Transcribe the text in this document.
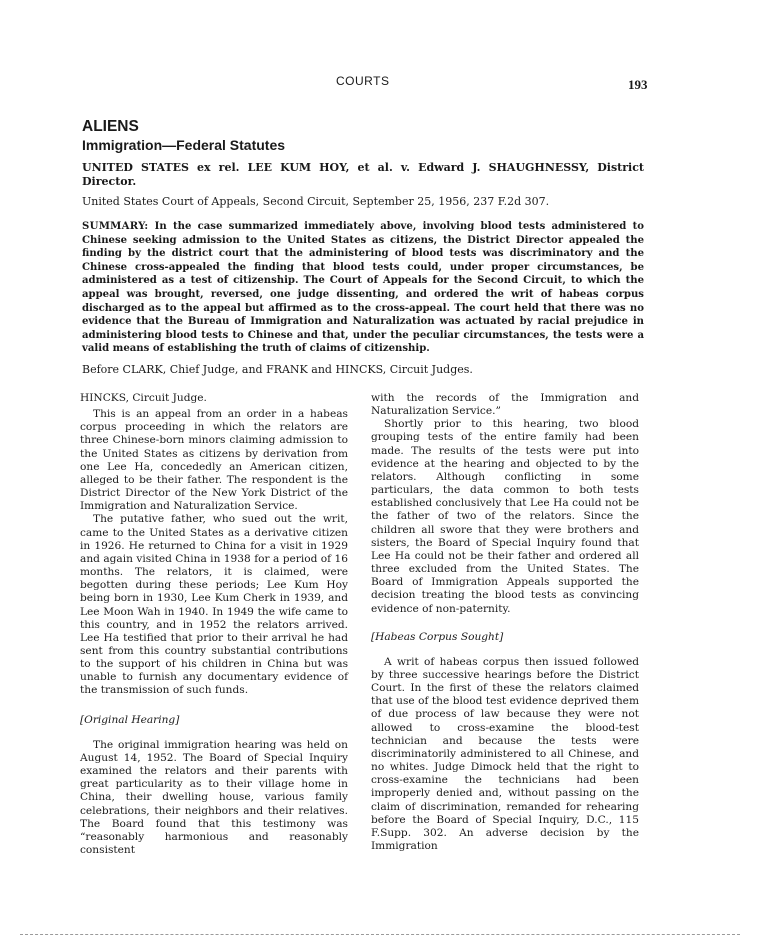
COURTS	193
ALIENS
Immigration—Federal Statutes
UNITED STATES ex rel. LEE KUM HOY, et al. v. Edward J. SHAUGHNESSY, District Director.
United States Court of Appeals, Second Circuit, September 25, 1956, 237 F.2d 307.

SUMMARY: In the case summarized immediately above, involving blood tests administered to Chinese seeking admission to the United States as citizens, the District Director appealed the finding by the district court that the administering of blood tests was discriminatory and the Chinese cross-appealed the finding that blood tests could, under proper circumstances, be administered as a test of citizenship. The Court of Appeals for the Second Circuit, to which the appeal was brought, reversed, one judge dissenting, and ordered the writ of habeas corpus discharged as to the appeal but affirmed as to the cross-appeal. The court held that there was no evidence that the Bureau of Immigration and Naturalization was actuated by racial prejudice in administering blood tests to Chinese and that, under the peculiar circumstances, the tests were a valid means of establishing the truth of claims of citizenship.

Before CLARK, Chief Judge, and FRANK and HINCKS, Circuit Judges.

HINCKS, Circuit Judge.

This is an appeal from an order in a habeas corpus proceeding in which the relators are three Chinese-born minors claiming admission to the United States as citizens by derivation from one Lee Ha, concededly an American citizen, alleged to be their father. The respondent is the District Director of the New York District of the Immigration and Naturalization Service.

The putative father, who sued out the writ, came to the United States as a derivative citizen in 1926. He returned to China for a visit in 1929 and again visited China in 1938 for a period of 16 months. The relators, it is claimed, were begotten during these periods; Lee Kum Hoy being born in 1930, Lee Kum Cherk in 1939, and Lee Moon Wah in 1940. In 1949 the wife came to this country, and in 1952 the relators arrived. Lee Ha testified that prior to their arrival he had sent from this country substantial contributions to the support of his children in China but was unable to furnish any documentary evidence of the transmission of such funds.

[Original Hearing]

The original immigration hearing was held on August 14, 1952. The Board of Special Inquiry examined the relators and their parents with great particularity as to their village home in China, their dwelling house, various family celebrations, their neighbors and their relatives. The Board found that this testimony was “reasonably harmonious and reasonably consistent

with the records of the Immigration and Naturalization Service.”

Shortly prior to this hearing, two blood grouping tests of the entire family had been made. The results of the tests were put into evidence at the hearing and objected to by the relators. Although conflicting in some particulars, the data common to both tests established conclusively that Lee Ha could not be the father of two of the relators. Since the children all swore that they were brothers and sisters, the Board of Special Inquiry found that Lee Ha could not be their father and ordered all three excluded from the United States. The Board of Immigration Appeals supported the decision treating the blood tests as convincing evidence of non-paternity.

[Habeas Corpus Sought]

A writ of habeas corpus then issued followed by three successive hearings before the District Court. In the first of these the relators claimed that use of the blood test evidence deprived them of due process of law because they were not allowed to cross-examine the blood-test technician and because the tests were discriminatorily administered to all Chinese, and no whites. Judge Dimock held that the right to cross-examine the technicians had been improperly denied and, without passing on the claim of discrimination, remanded for rehearing before the Board of Special Inquiry, D.C., 115 F.Supp. 302. An adverse decision by the Immigration
